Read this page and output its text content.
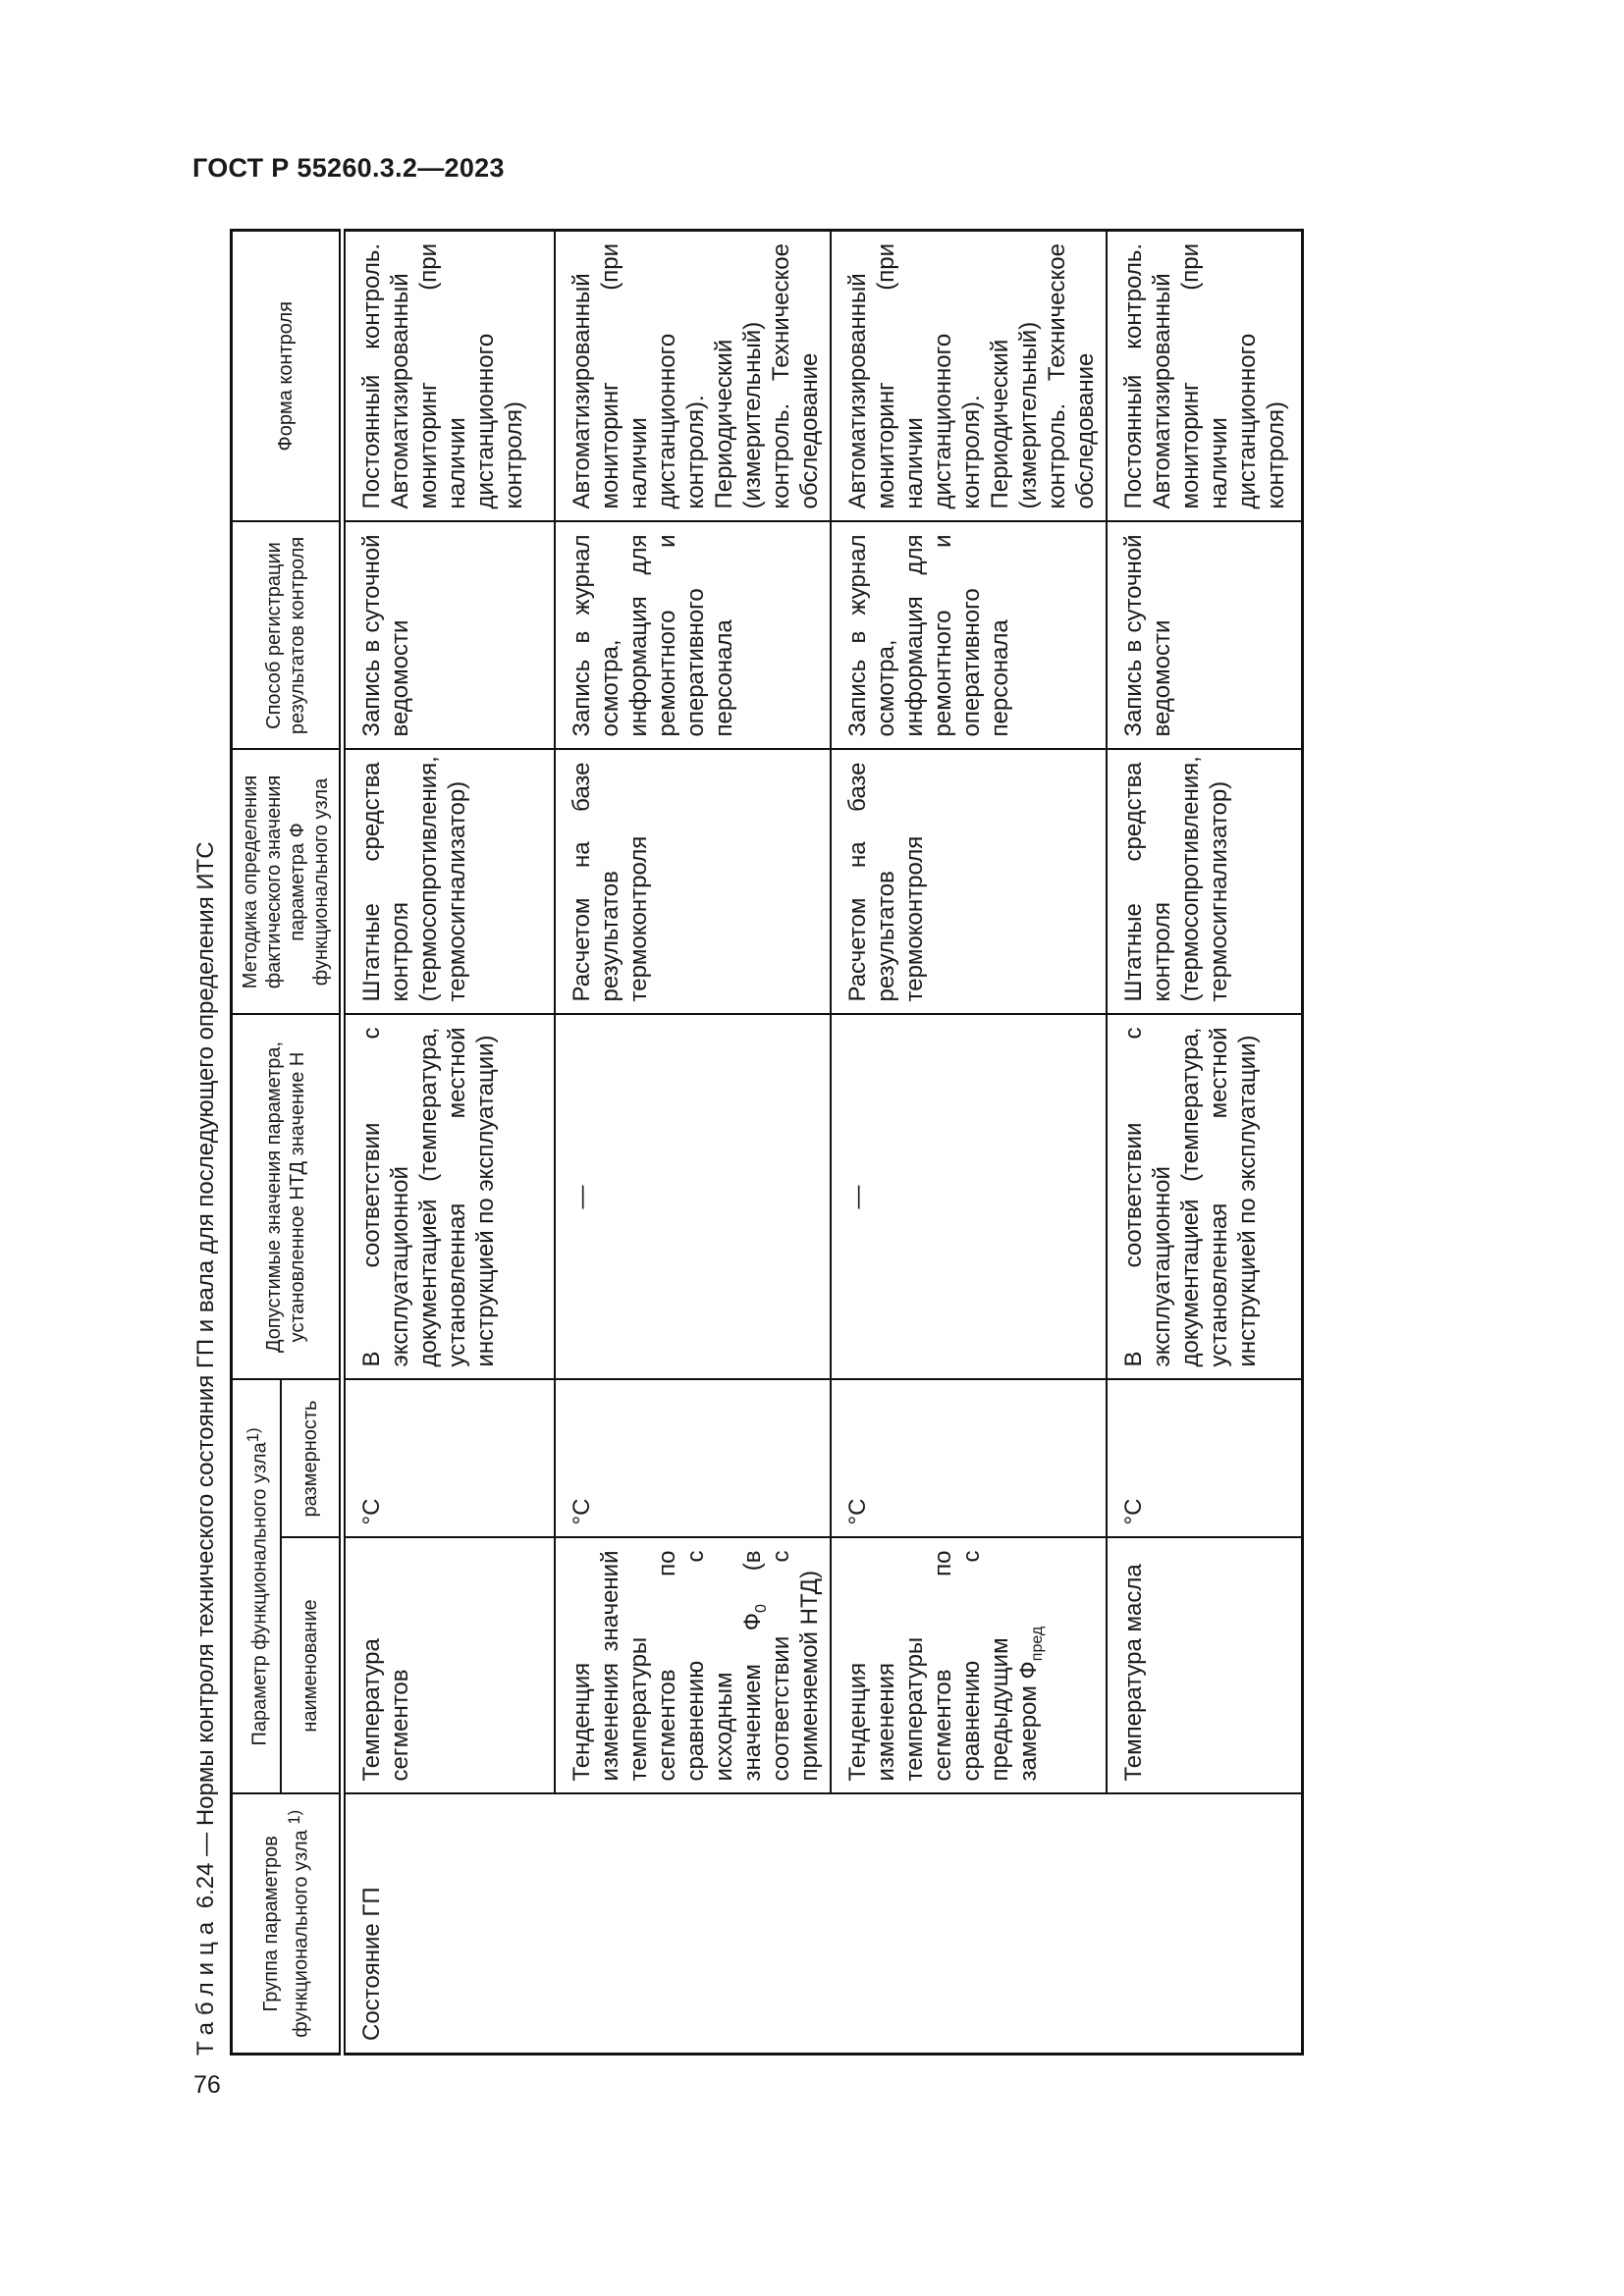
ГОСТ Р 55260.3.2—2023
76
Таблица 6.24 — Нормы контроля технического состояния ГП и вала для последующего определения ИТС
Группа параметров функционального узла $^{1)}$	Параметр функционального узла$^{1)}$		Допустимые значения параметра, установленное НТД значение Н	Методика определения фактического значения параметра Ф функционального узла	Способ регистрации результатов контроля	Форма контроля
	наименование	размерность				
Состояние ГП	Температура сегментов	°С	В соответствии с эксплуатационной документацией (температура, установленная местной инструкцией по эксплуатации)	Штатные средства контроля (термосопротивления, термосигнализатор)	Запись в суточной ведомости	Постоянный контроль. Автоматизированный мониторинг (при наличии дистанционного контроля)
	Тенденция изменения значений температуры сегментов по сравнению с исходным значением $Ф_0$ (в соответствии с применяемой НТД)	°С	—	Расчетом на базе результатов термоконтроля	Запись в журнал осмотра, информация для ремонтного и оперативного персонала	Автоматизированный мониторинг (при наличии дистанционного контроля). Периодический (измерительный) контроль. Техническое обследование
	Тенденция изменения температуры сегментов по сравнению с предыдущим замером $Ф_{пред}$	°С	—	Расчетом на базе результатов термоконтроля	Запись в журнал осмотра, информация для ремонтного и оперативного персонала	Автоматизированный мониторинг (при наличии дистанционного контроля). Периодический (измерительный) контроль. Техническое обследование
	Температура масла	°С	В соответствии с эксплуатационной документацией (температура, установленная местной инструкцией по эксплуатации)	Штатные средства контроля (термосопротивления, термосигнализатор)	Запись в суточной ведомости	Постоянный контроль. Автоматизированный мониторинг (при наличии дистанционного контроля)
